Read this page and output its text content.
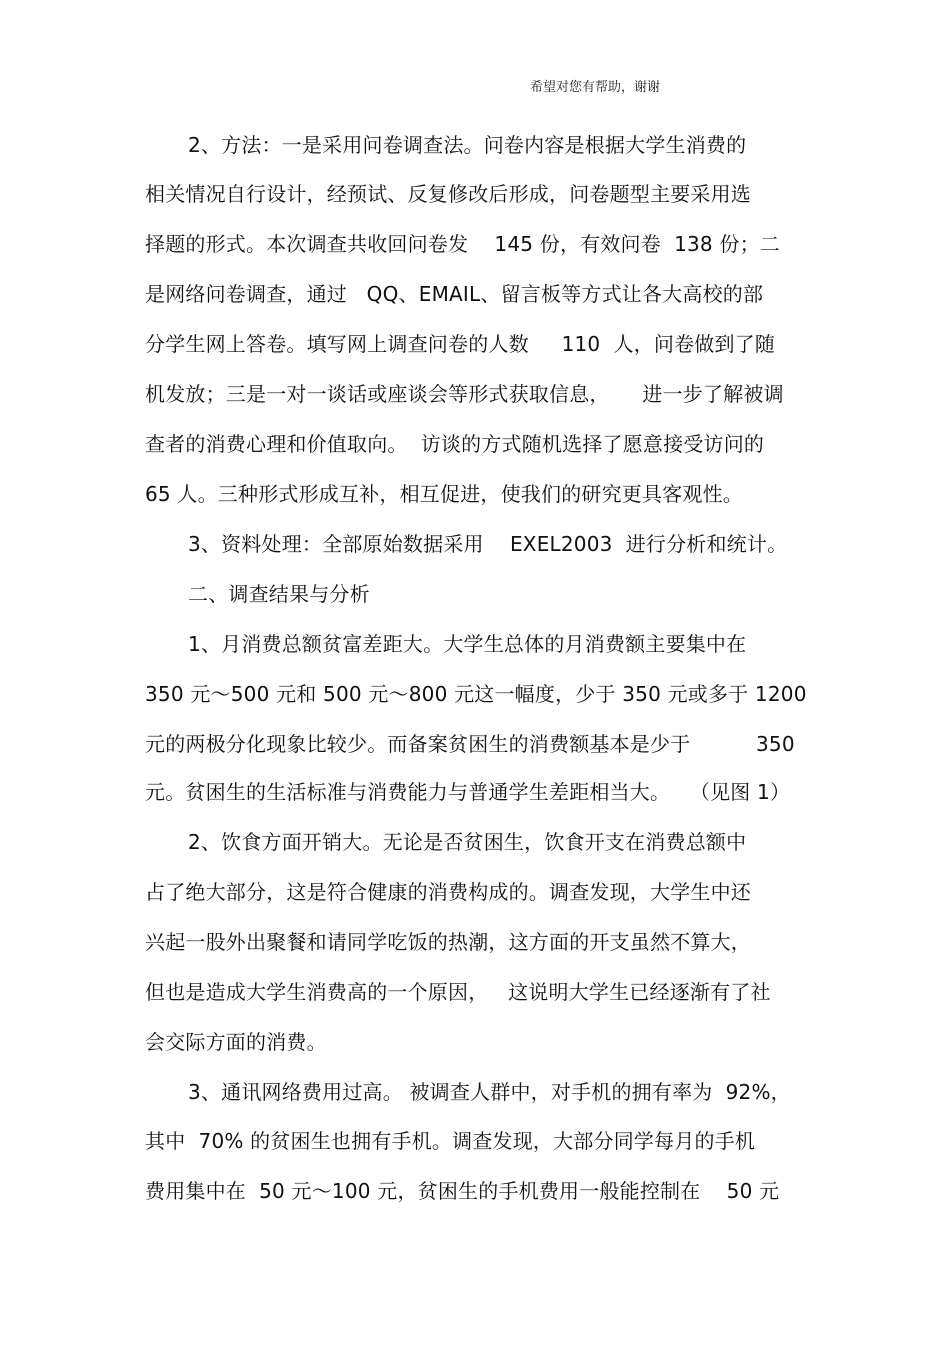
希望对您有帮助，谢谢
2、方法：一是采用问卷调查法。问卷内容是根据大学生消费的
相关情况自行设计，经预试、反复修改后形成，问卷题型主要采用选
择题的形式。本次调查共收回问卷发    145 份，有效问卷  138 份；二
是网络问卷调查，通过   QQ、EMAIL、留言板等方式让各大高校的部
分学生网上答卷。填写网上调查问卷的人数     110  人，问卷做到了随
机发放；三是一对一谈话或座谈会等形式获取信息，     进一步了解被调
查者的消费心理和价值取向。  访谈的方式随机选择了愿意接受访问的
65 人。三种形式形成互补，相互促进，使我们的研究更具客观性。
3、资料处理：全部原始数据采用    EXEL2003  进行分析和统计。
二、调查结果与分析
1、月消费总额贫富差距大。大学生总体的月消费额主要集中在
350 元～500 元和 500 元～800 元这一幅度，少于 350 元或多于 1200
元的两极分化现象比较少。而备案贫困生的消费额基本是少于          350
元。贫困生的生活标准与消费能力与普通学生差距相当大。   （见图 1）
2、饮食方面开销大。无论是否贫困生，饮食开支在消费总额中
占了绝大部分，这是符合健康的消费构成的。调查发现，大学生中还
兴起一股外出聚餐和请同学吃饭的热潮，这方面的开支虽然不算大，
但也是造成大学生消费高的一个原因，   这说明大学生已经逐渐有了社
会交际方面的消费。
3、通讯网络费用过高。 被调查人群中，对手机的拥有率为  92%，
其中  70% 的贫困生也拥有手机。调查发现，大部分同学每月的手机
费用集中在  50 元～100 元，贫困生的手机费用一般能控制在    50 元
